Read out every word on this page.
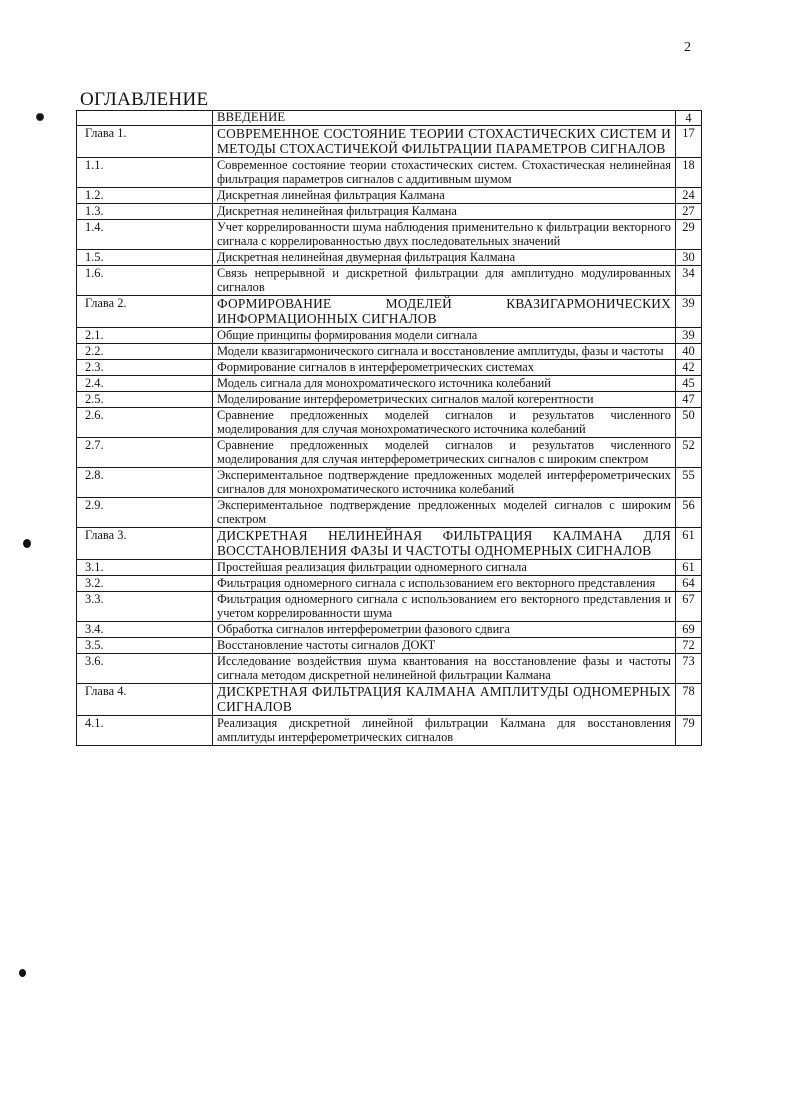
2
ОГЛАВЛЕНИЕ
	ВВЕДЕНИЕ	4
Глава 1.	СОВРЕМЕННОЕ СОСТОЯНИЕ ТЕОРИИ СТОХАСТИЧЕСКИХ СИСТЕМ И МЕТОДЫ СТОХАСТИЧЕКОЙ ФИЛЬТРАЦИИ ПАРАМЕТРОВ СИГНАЛОВ	17
1.1.	Современное состояние теории стохастических систем. Стохастическая нелинейная фильтрация параметров сигналов с аддитивным шумом	18
1.2.	Дискретная линейная фильтрация Калмана	24
1.3.	Дискретная нелинейная фильтрация Калмана	27
1.4.	Учет коррелированности шума наблюдения применительно к фильтрации векторного сигнала с коррелированностью двух последовательных значений	29
1.5.	Дискретная нелинейная двумерная фильтрация Калмана	30
1.6.	Связь непрерывной и дискретной фильтрации для амплитудно модулированных сигналов	34
Глава 2.	ФОРМИРОВАНИЕ МОДЕЛЕЙ КВАЗИГАРМОНИЧЕСКИХ ИНФОРМАЦИОННЫХ СИГНАЛОВ	39
2.1.	Общие принципы формирования модели сигнала	39
2.2.	Модели квазигармонического сигнала и восстановление амплитуды, фазы и частоты	40
2.3.	Формирование сигналов в интерферометрических системах	42
2.4.	Модель сигнала для монохроматического источника колебаний	45
2.5.	Моделирование интерферометрических сигналов малой когерентности	47
2.6.	Сравнение предложенных моделей сигналов и результатов численного моделирования для случая монохроматического источника колебаний	50
2.7.	Сравнение предложенных моделей сигналов и результатов численного моделирования для случая интерферометрических сигналов с широким спектром	52
2.8.	Экспериментальное подтверждение предложенных моделей интерферометрических сигналов для монохроматического источника колебаний	55
2.9.	Экспериментальное подтверждение предложенных моделей сигналов с широким спектром	56
Глава 3.	ДИСКРЕТНАЯ НЕЛИНЕЙНАЯ ФИЛЬТРАЦИЯ КАЛМАНА ДЛЯ ВОССТАНОВЛЕНИЯ ФАЗЫ И ЧАСТОТЫ ОДНОМЕРНЫХ СИГНАЛОВ	61
3.1.	Простейшая реализация фильтрации одномерного сигнала	61
3.2.	Фильтрация одномерного сигнала с использованием его векторного представления	64
3.3.	Фильтрация одномерного сигнала с использованием его векторного представления и учетом коррелированности шума	67
3.4.	Обработка сигналов интерферометрии фазового сдвига	69
3.5.	Восстановление частоты сигналов ДОКТ	72
3.6.	Исследование воздействия шума квантования на восстановление фазы и частоты сигнала методом дискретной нелинейной фильтрации Калмана	73
Глава 4.	ДИСКРЕТНАЯ ФИЛЬТРАЦИЯ КАЛМАНА АМПЛИТУДЫ ОДНОМЕРНЫХ СИГНАЛОВ	78
4.1.	Реализация дискретной линейной фильтрации Калмана для восстановления амплитуды интерферометрических сигналов	79
